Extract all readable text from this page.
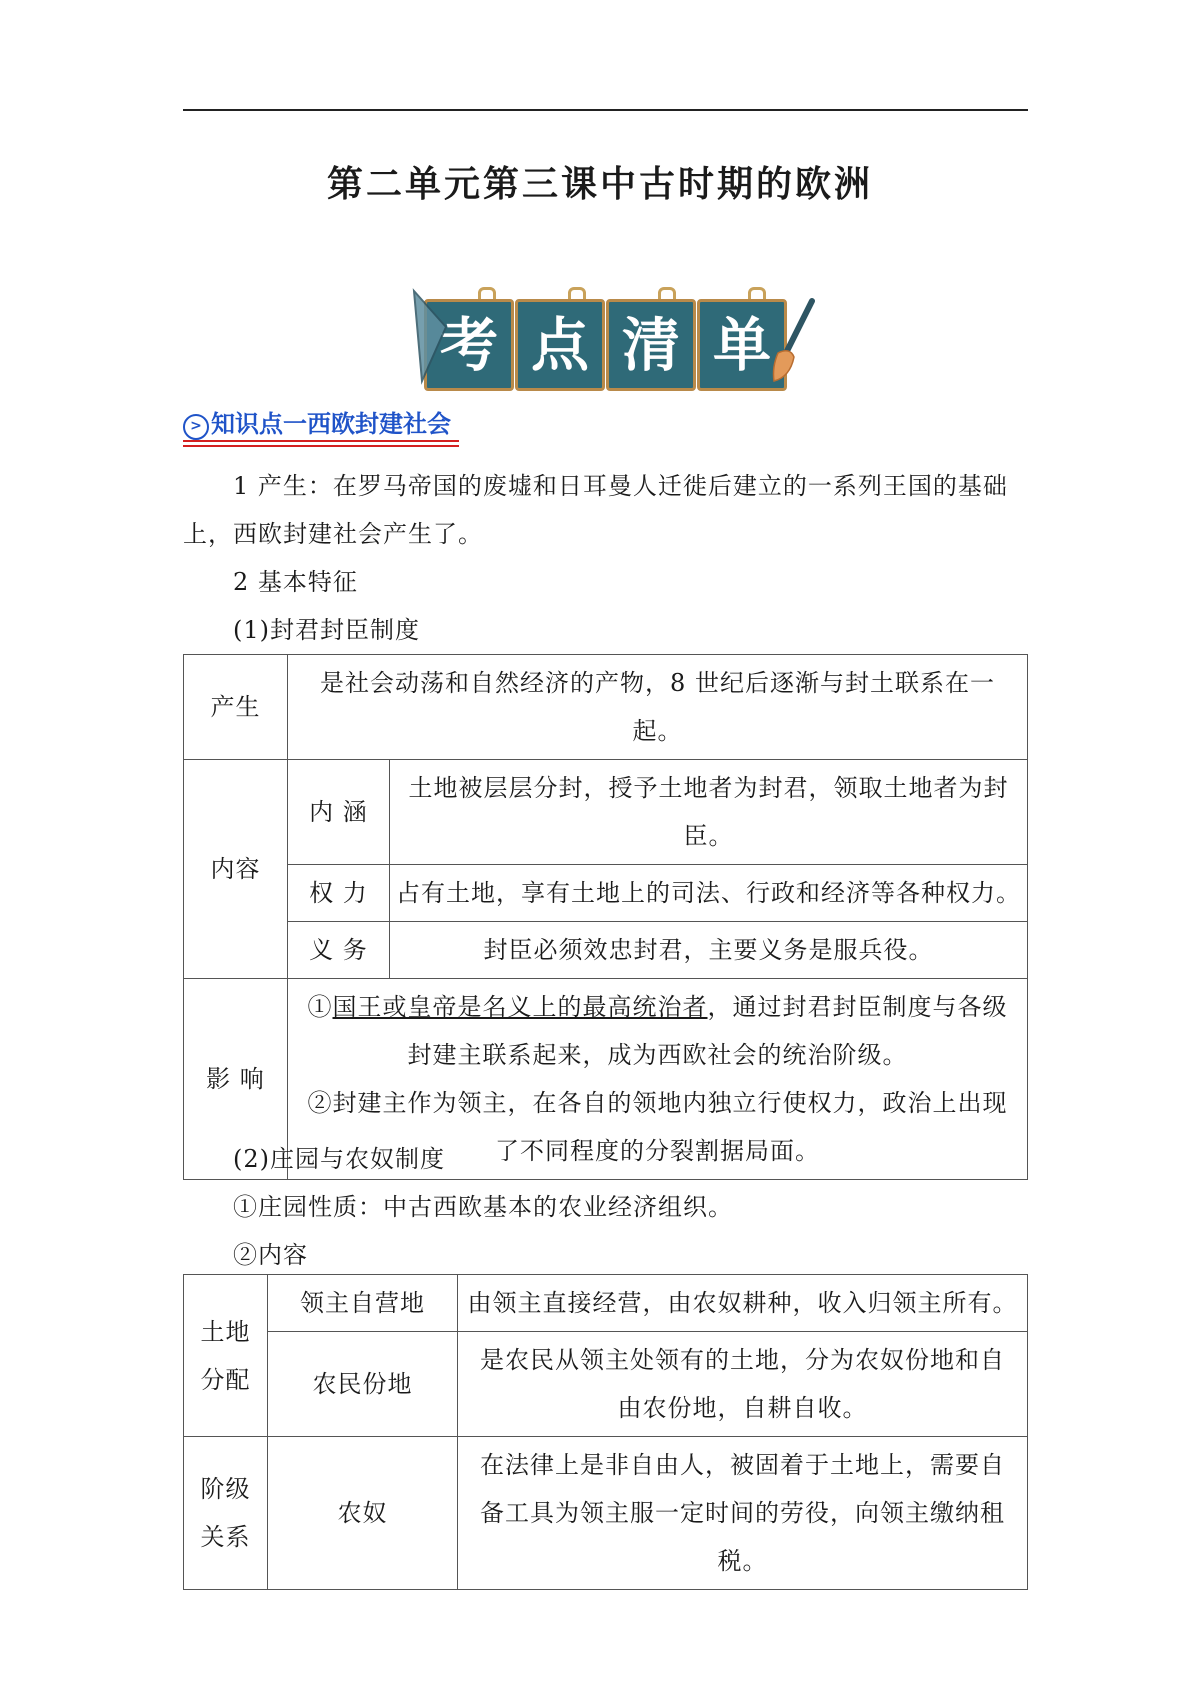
第二单元第三课中古时期的欧洲
考 点 清 单
> 知识点一西欧封建社会
1 产生：在罗马帝国的废墟和日耳曼人迁徙后建立的一系列王国的基础上，西欧封建社会产生了。
2 基本特征
(1)封君封臣制度
产生	是社会动荡和自然经济的产物，8 世纪后逐渐与封土联系在一起。	
内容	内 涵	土地被层层分封，授予土地者为封君，领取土地者为封臣。
	权 力	占有土地，享有土地上的司法、行政和经济等各种权力。
	义 务	封臣必须效忠封君，主要义务是服兵役。
影 响	①国王或皇帝是名义上的最高统治者，通过封君封臣制度与各级封建主联系起来，成为西欧社会的统治阶级。
②封建主作为领主，在各自的领地内独立行使权力，政治上出现了不同程度的分裂割据局面。	
(2)庄园与农奴制度
①庄园性质：中古西欧基本的农业经济组织。
②内容
土地分配	领主自营地	由领主直接经营，由农奴耕种，收入归领主所有。
	农民份地	是农民从领主处领有的土地，分为农奴份地和自由农份地，自耕自收。
阶级关系	农奴	在法律上是非自由人，被固着于土地上，需要自备工具为领主服一定时间的劳役，向领主缴纳租税。
